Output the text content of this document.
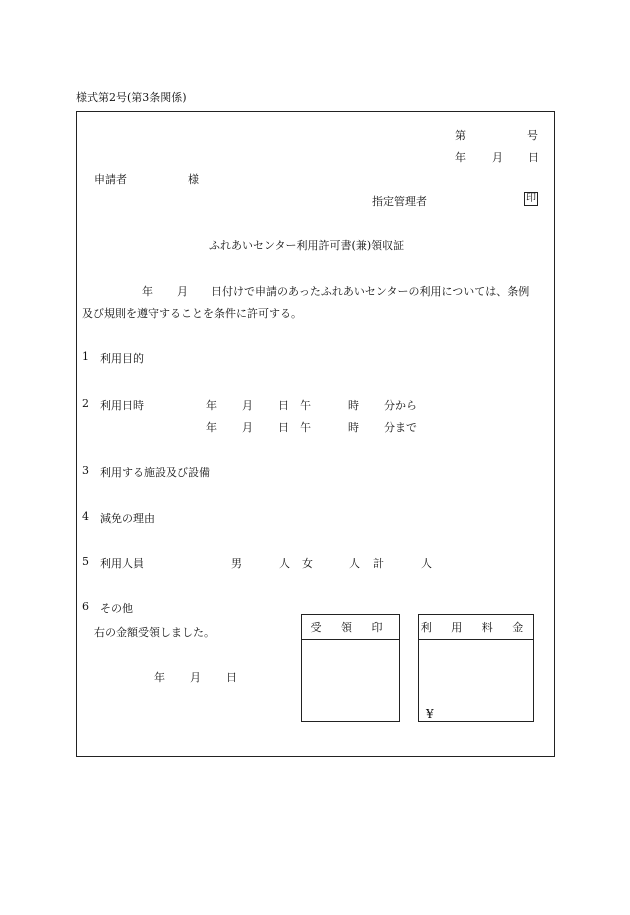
様式第2号(第3条関係)
第	号
年 月 日
申請者	様
指定管理者	印
ふれあいセンター利用許可書(兼)領収証
年 月 日付けで申請のあったふれあいセンターの利用については、条例
及び規則を遵守することを条件に許可する。
1 利用目的
2 利用日時	年 月 日 午	時 分から
年 月 日 午	時 分まで
3 利用する施設及び設備
4 減免の理由
5 利用人員	男	人 女	人 計	人
6 その他
右の金額受領しました。
年 月 日
受 領 印	利 用 料 金
¥
